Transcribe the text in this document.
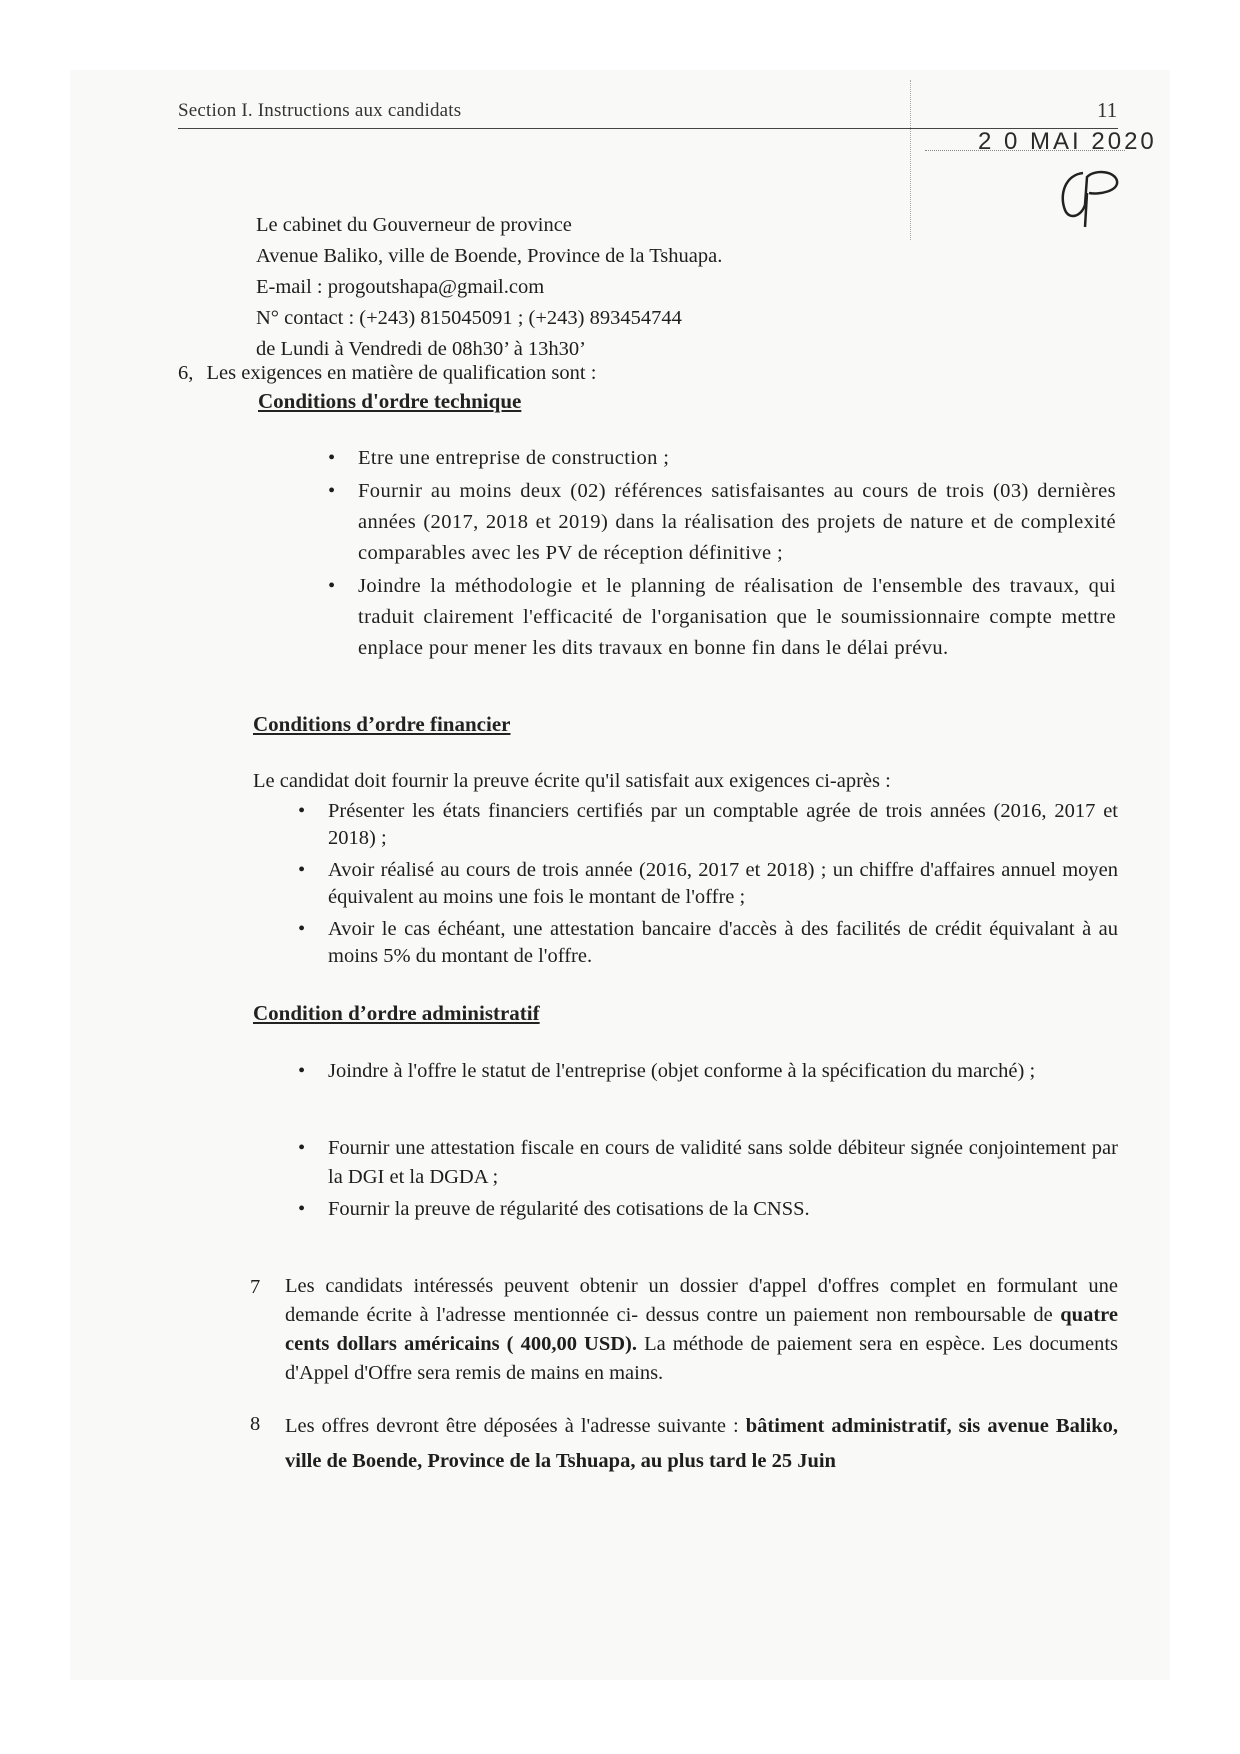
Section I. Instructions aux candidats	11
2 0 MAI 2020
Le cabinet du Gouverneur de province
Avenue Baliko, ville de Boende, Province de la Tshuapa.
E-mail : progoutshapa@gmail.com
N° contact : (+243) 815045091 ; (+243) 893454744
de Lundi à Vendredi de 08h30’ à 13h30’
6, Les exigences en matière de qualification sont :
Conditions d'ordre technique
• Etre une entreprise de construction ;
• Fournir au moins deux (02) références satisfaisantes au cours de trois (03) dernières années (2017, 2018 et 2019) dans la réalisation des projets de nature et de complexité comparables avec les PV de réception définitive ;
• Joindre la méthodologie et le planning de réalisation de l'ensemble des travaux, qui traduit clairement l'efficacité de l'organisation que le soumissionnaire compte mettre enplace pour mener les dits travaux en bonne fin dans le délai prévu.
Conditions d’ordre financier
Le candidat doit fournir la preuve écrite qu'il satisfait aux exigences ci-après :
• Présenter les états financiers certifiés par un comptable agrée de trois années (2016, 2017 et 2018) ;
• Avoir réalisé au cours de trois année (2016, 2017 et 2018) ; un chiffre d'affaires annuel moyen équivalent au moins une fois le montant de l'offre ;
• Avoir le cas échéant, une attestation bancaire d'accès à des facilités de crédit équivalant à au moins 5% du montant de l'offre.
Condition d’ordre administratif
• Joindre à l'offre le statut de l'entreprise (objet conforme à la spécification du marché) ;
• Fournir une attestation fiscale en cours de validité sans solde débiteur signée conjointement par la DGI et la DGDA ;
• Fournir la preuve de régularité des cotisations de la CNSS.
7 Les candidats intéressés peuvent obtenir un dossier d'appel d'offres complet en formulant une demande écrite à l'adresse mentionnée ci- dessus contre un paiement non remboursable de quatre cents dollars américains ( 400,00 USD). La méthode de paiement sera en espèce. Les documents d'Appel d'Offre sera remis de mains en mains.
8 Les offres devront être déposées à l'adresse suivante : bâtiment administratif, sis avenue Baliko, ville de Boende, Province de la Tshuapa, au plus tard le 25 Juin
